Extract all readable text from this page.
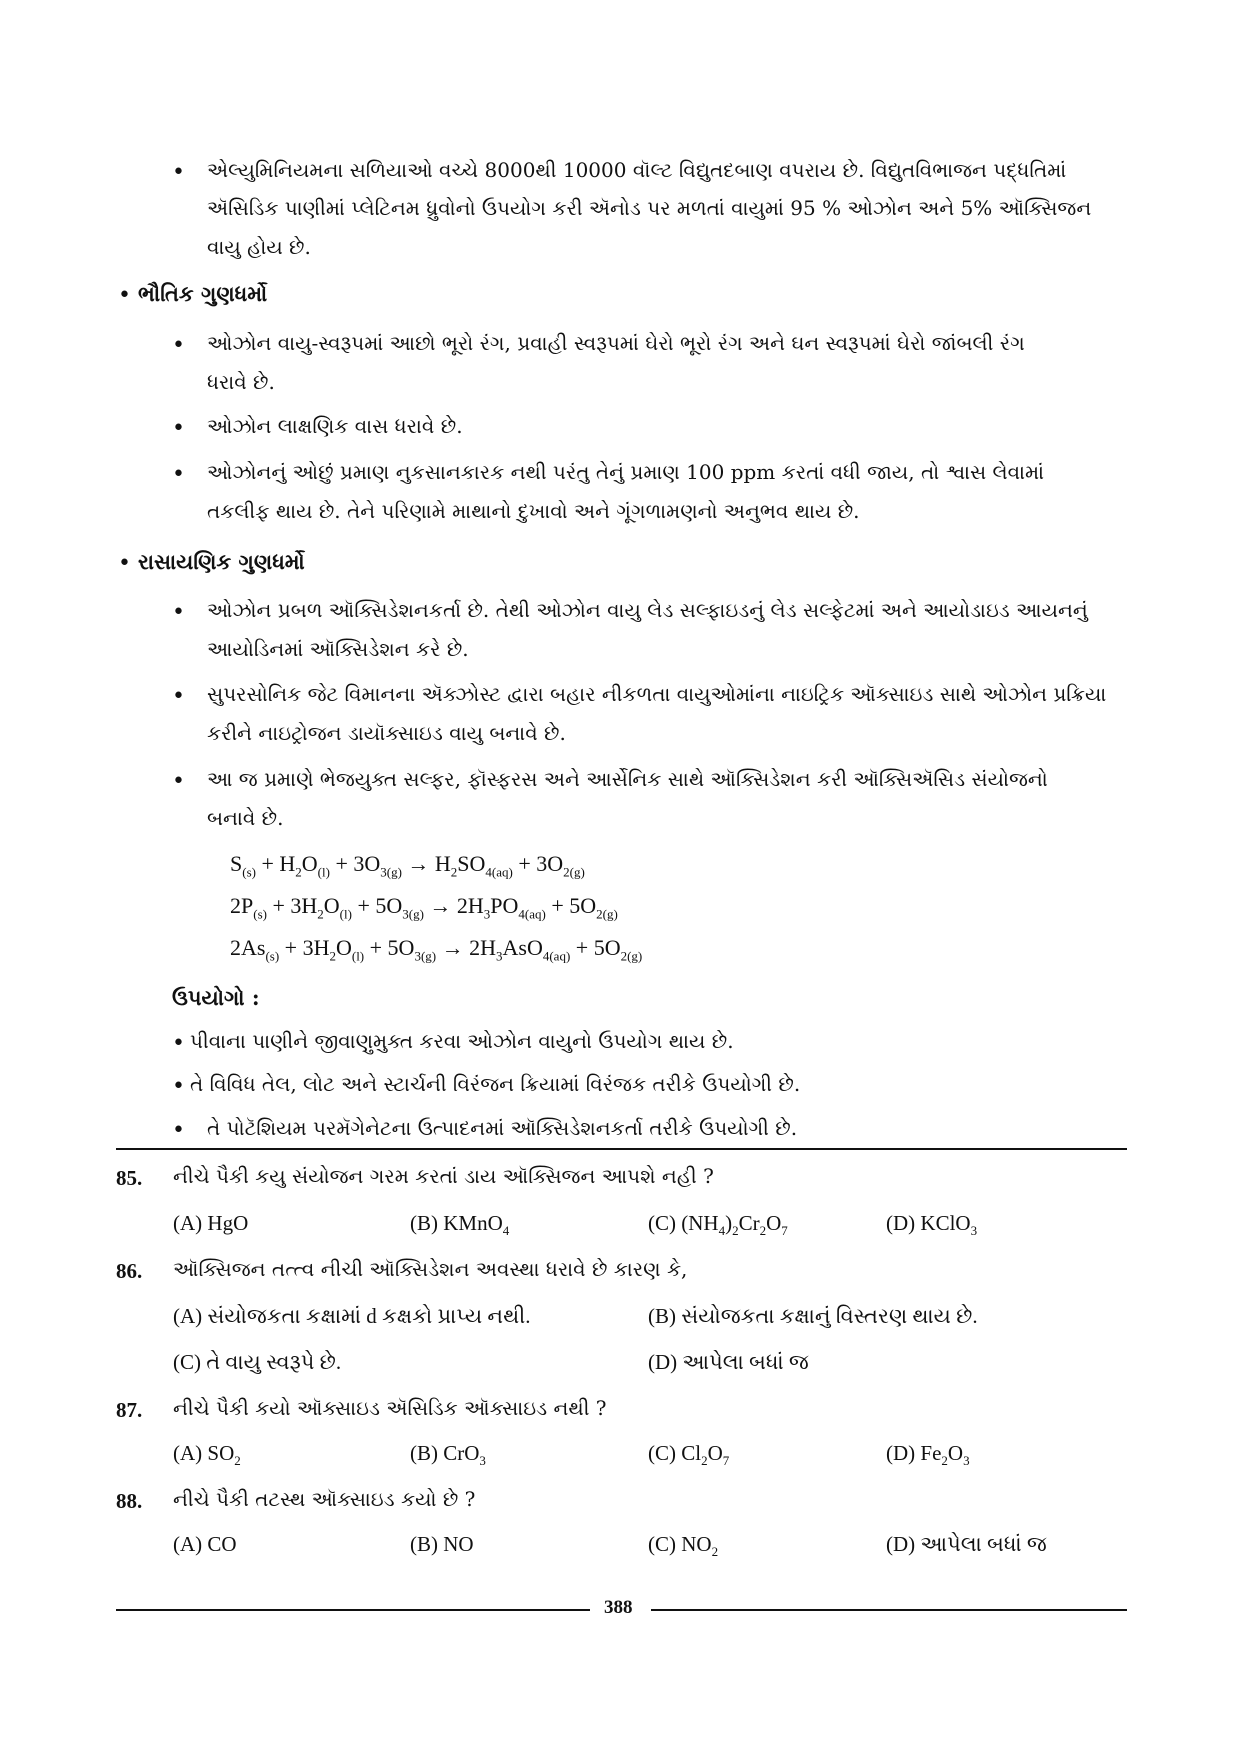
• એલ્યુમિનિયમના સળિયાઓ વચ્ચે 8000થી 10000 વૉલ્ટ વિદ્યુતદબાણ વપરાય છે. વિદ્યુતવિભાજન પદ્ધતિમાં
ઍસિડિક પાણીમાં પ્લેટિનમ ધ્રુવોનો ઉપયોગ કરી ઍનોડ પર મળતાં વાયુમાં 95 % ઓઝોન અને 5% ઑક્સિજન
વાયુ હોય છે.
• ભૌતિક ગુણધર્મો
• ઓઝોન વાયુ-સ્વરૂપમાં આછો ભૂરો રંગ, પ્રવાહી સ્વરૂપમાં ઘેરો ભૂરો રંગ અને ઘન સ્વરૂપમાં ઘેરો જાંબલી રંગ
ધરાવે છે.
• ઓઝોન લાક્ષણિક વાસ ધરાવે છે.
• ઓઝોનનું ઓછું પ્રમાણ નુકસાનકારક નથી પરંતુ તેનું પ્રમાણ 100 ppm કરતાં વધી જાય, તો શ્વાસ લેવામાં
તકલીફ થાય છે. તેને પરિણામે માથાનો દુખાવો અને ગૂંગળામણનો અનુભવ થાય છે.
• રાસાયણિક ગુણધર્મો
• ઓઝોન પ્રબળ ઑક્સિડેશનકર્તા છે. તેથી ઓઝોન વાયુ લેડ સલ્ફાઇડનું લેડ સલ્ફેટમાં અને આયોડાઇડ આયનનું
આયોડિનમાં ઑક્સિડેશન કરે છે.
• સુપરસોનિક જેટ વિમાનના ઍક્ઝોસ્ટ દ્વારા બહાર નીકળતા વાયુઓમાંના નાઇટ્રિક ઑક્સાઇડ સાથે ઓઝોન પ્રક્રિયા
કરીને નાઇટ્રોજન ડાયૉક્સાઇડ વાયુ બનાવે છે.
• આ જ પ્રમાણે ભેજયુક્ત સલ્ફર, ફૉસ્ફરસ અને આર્સેનિક સાથે ઑક્સિડેશન કરી ઑક્સિઍસિડ સંયોજનો
બનાવે છે.
$S_{(s)} + H_2O_{(l)} + 3O_{3(g)} \to H_2SO_{4(aq)} + 3O_{2(g)}$
$2P_{(s)} + 3H_2O_{(l)} + 5O_{3(g)} \to 2H_3PO_{4(aq)} + 5O_{2(g)}$
$2As_{(s)} + 3H_2O_{(l)} + 5O_{3(g)} \to 2H_3AsO_{4(aq)} + 5O_{2(g)}$
ઉપયોગો :
• પીવાના પાણીને જીવાણુમુક્ત કરવા ઓઝોન વાયુનો ઉપયોગ થાય છે.
• તે વિવિધ તેલ, લોટ અને સ્ટાર્ચની વિરંજન ક્રિયામાં વિરંજક તરીકે ઉપયોગી છે.
• તે પોટૅશિયમ પરમૅગેનેટના ઉત્પાદનમાં ઑક્સિડેશનકર્તા તરીકે ઉપયોગી છે.
85. નીચે પૈકી કયુ સંયોજન ગરમ કરતાં ડાય ઑક્સિજન આપશે નહી ?
(A) HgO	(B) KMnO$_4$	(C) $(NH_4)_2Cr_2O_7$	(D) KClO$_3$
86. ઑક્સિજન તત્ત્વ નીચી ઑક્સિડેશન અવસ્થા ધરાવે છે કારણ કે,
(A) સંયોજકતા કક્ષામાં d કક્ષકો પ્રાપ્ય નથી.	(B) સંયોજકતા કક્ષાનું વિસ્તરણ થાય છે.
(C) તે વાયુ સ્વરૂપે છે.	(D) આપેલા બધાં જ
87. નીચે પૈકી કયો ઑક્સાઇડ ઍસિડિક ઑક્સાઇડ નથી ?
(A) $SO_2$	(B) CrO$_3$	(C) $Cl_2O_7$	(D) $Fe_2O_3$
88. નીચે પૈકી તટસ્થ ઑક્સાઇડ કયો છે ?
(A) CO	(B) NO	(C) $NO_2$	(D) આપેલા બધાં જ
388
